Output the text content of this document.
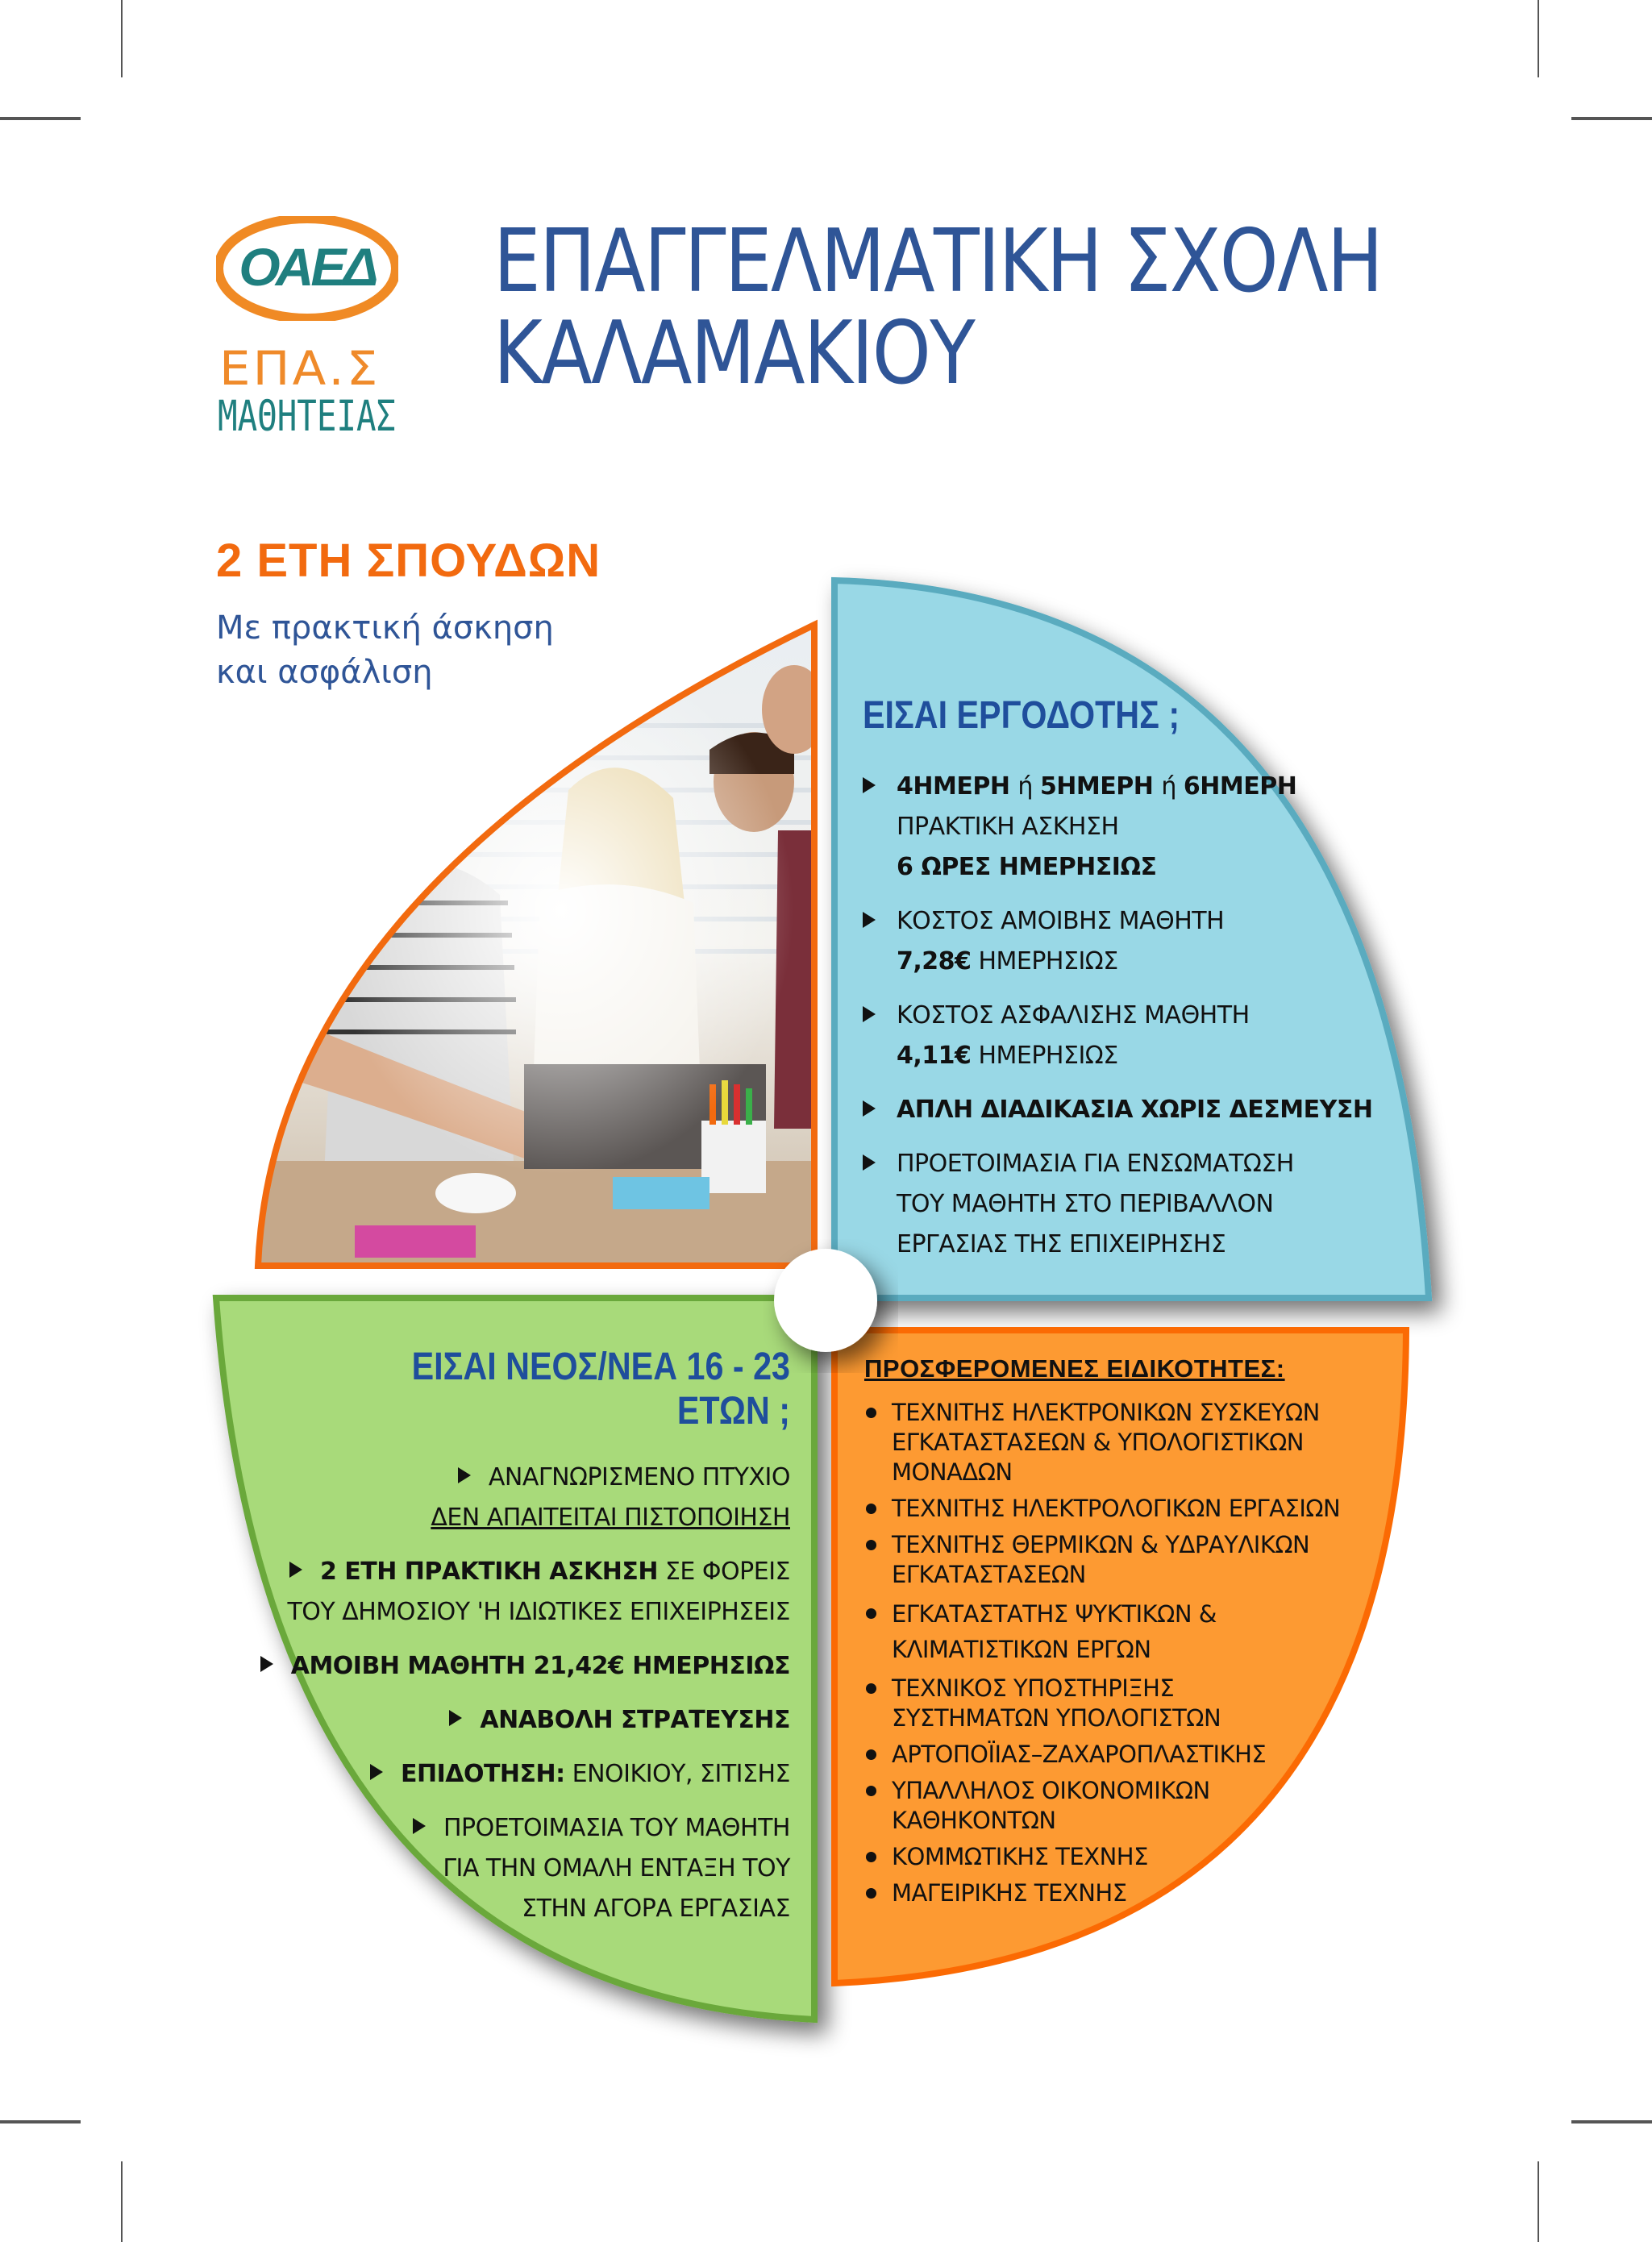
ΟΑΕΔ
ΕΠΑ.Σ
ΜΑΘΗΤΕΙΑΣ
ΕΠΑΓΓΕΛΜΑΤΙΚΗ ΣΧΟΛΗ
ΚΑΛΑΜΑΚΙΟΥ
2 ΕΤΗ ΣΠΟΥΔΩΝ
Με πρακτική άσκηση
και ασφάλιση
ΕΙΣΑΙ ΕΡΓΟΔΟΤΗΣ ;
4ΗΜΕΡΗ ή 5ΗΜΕΡΗ ή 6ΗΜΕΡΗ
ΠΡΑΚΤΙΚΗ ΑΣΚΗΣΗ
6 ΩΡΕΣ ΗΜΕΡΗΣΙΩΣ
ΚΟΣΤΟΣ ΑΜΟΙΒΗΣ ΜΑΘΗΤΗ
7,28€ ΗΜΕΡΗΣΙΩΣ
ΚΟΣΤΟΣ ΑΣΦΑΛΙΣΗΣ ΜΑΘΗΤΗ
4,11€ ΗΜΕΡΗΣΙΩΣ
ΑΠΛΗ ΔΙΑΔΙΚΑΣΙΑ ΧΩΡΙΣ ΔΕΣΜΕΥΣΗ
ΠΡΟΕΤΟΙΜΑΣΙΑ ΓΙΑ ΕΝΣΩΜΑΤΩΣΗ
ΤΟΥ ΜΑΘΗΤΗ ΣΤΟ ΠΕΡΙΒΑΛΛΟΝ
ΕΡΓΑΣΙΑΣ ΤΗΣ ΕΠΙΧΕΙΡΗΣΗΣ
ΕΙΣΑΙ ΝΕΟΣ/ΝΕΑ 16 - 23 ΕΤΩΝ ;
ΑΝΑΓΝΩΡΙΣΜΕΝΟ ΠΤΥΧΙΟ
ΔΕΝ ΑΠΑΙΤΕΙΤΑΙ ΠΙΣΤΟΠΟΙΗΣΗ
2 ΕΤΗ ΠΡΑΚΤΙΚΗ ΑΣΚΗΣΗ ΣΕ ΦΟΡΕΙΣ
ΤΟΥ ΔΗΜΟΣΙΟΥ 'Η ΙΔΙΩΤΙΚΕΣ ΕΠΙΧΕΙΡΗΣΕΙΣ
ΑΜΟΙΒΗ ΜΑΘΗΤΗ 21,42€ ΗΜΕΡΗΣΙΩΣ
ΑΝΑΒΟΛΗ ΣΤΡΑΤΕΥΣΗΣ
ΕΠΙΔΟΤΗΣΗ: ΕΝΟΙΚΙΟΥ, ΣΙΤΙΣΗΣ
ΠΡΟΕΤΟΙΜΑΣΙΑ ΤΟΥ ΜΑΘΗΤΗ
ΓΙΑ ΤΗΝ ΟΜΑΛΗ ΕΝΤΑΞΗ ΤΟΥ
ΣΤΗΝ ΑΓΟΡΑ ΕΡΓΑΣΙΑΣ
ΠΡΟΣΦΕΡΟΜΕΝΕΣ ΕΙΔΙΚΟΤΗΤΕΣ:
ΤΕΧΝΙΤΗΣ ΗΛΕΚΤΡΟΝΙΚΩΝ ΣΥΣΚΕΥΩΝ
ΕΓΚΑΤΑΣΤΑΣΕΩΝ & ΥΠΟΛΟΓΙΣΤΙΚΩΝ
ΜΟΝΑΔΩΝ
ΤΕΧΝΙΤΗΣ ΗΛΕΚΤΡΟΛΟΓΙΚΩΝ ΕΡΓΑΣΙΩΝ
ΤΕΧΝΙΤΗΣ ΘΕΡΜΙΚΩΝ & ΥΔΡΑΥΛΙΚΩΝ
ΕΓΚΑΤΑΣΤΑΣΕΩΝ
ΕΓΚΑΤΑΣΤΑΤΗΣ ΨΥΚΤΙΚΩΝ &
ΚΛΙΜΑΤΙΣΤΙΚΩΝ ΕΡΓΩΝ
ΤΕΧΝΙΚΟΣ ΥΠΟΣΤΗΡΙΞΗΣ
ΣΥΣΤΗΜΑΤΩΝ ΥΠΟΛΟΓΙΣΤΩΝ
ΑΡΤΟΠΟΪΙΑΣ–ΖΑΧΑΡΟΠΛΑΣΤΙΚΗΣ
ΥΠΑΛΛΗΛΟΣ ΟΙΚΟΝΟΜΙΚΩΝ
ΚΑΘΗΚΟΝΤΩΝ
ΚΟΜΜΩΤΙΚΗΣ ΤΕΧΝΗΣ
ΜΑΓΕΙΡΙΚΗΣ ΤΕΧΝΗΣ
